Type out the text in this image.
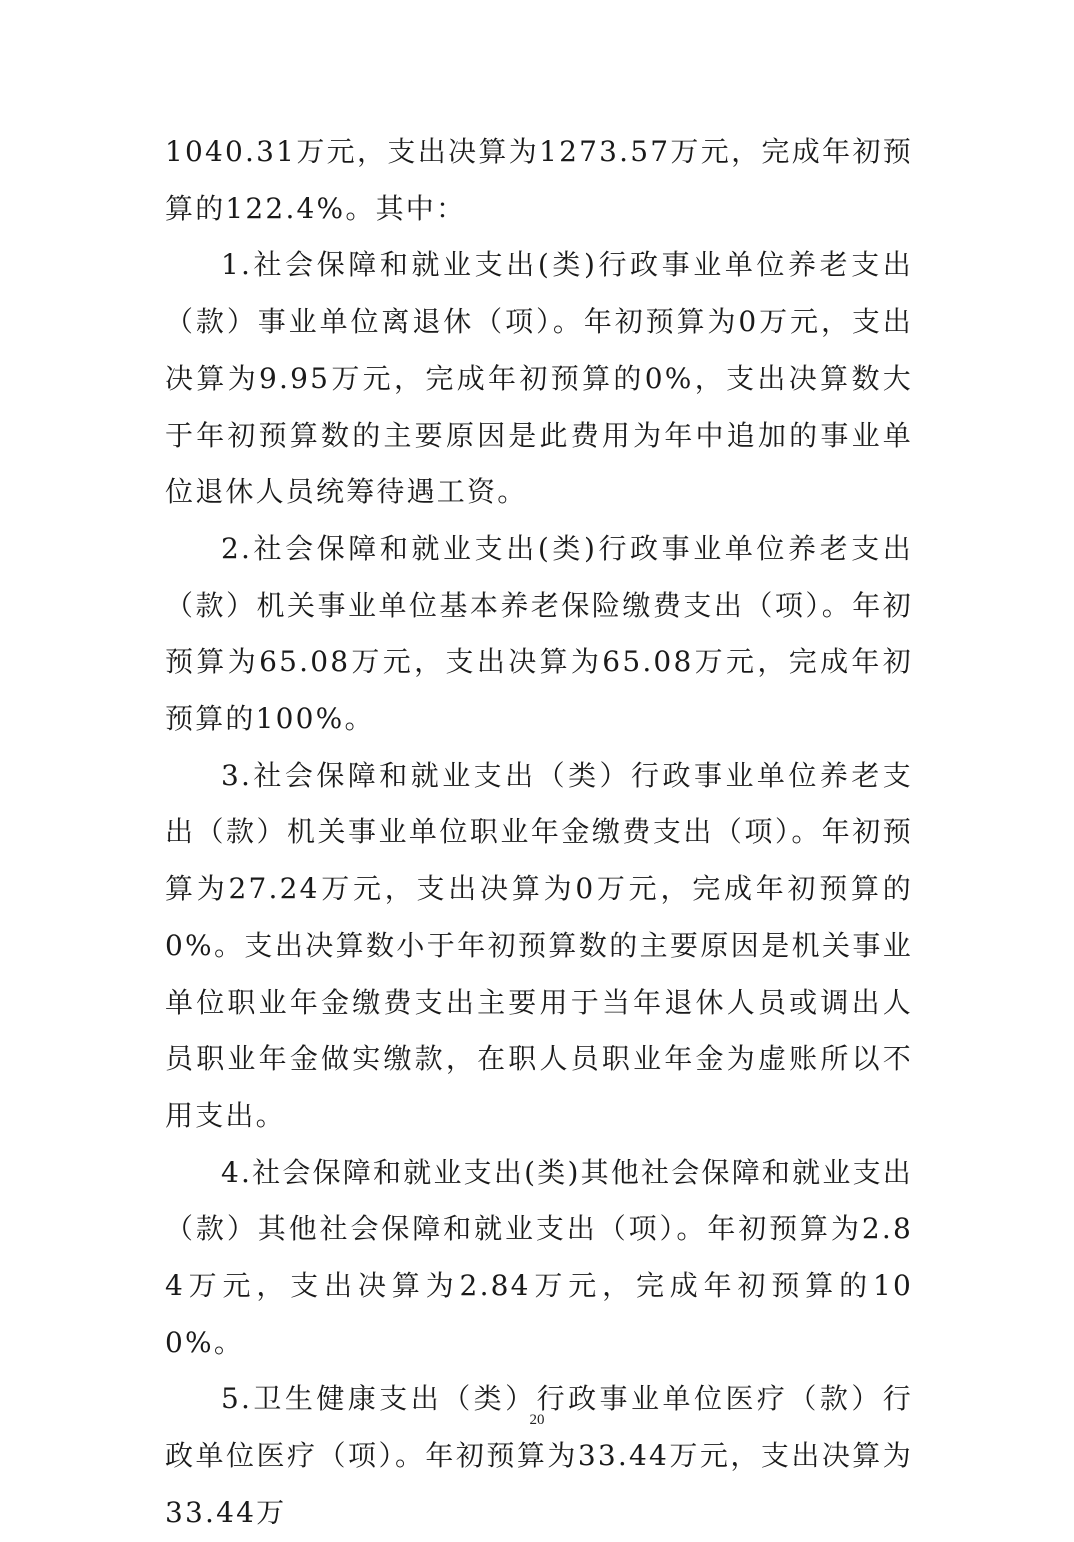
1040.31万元，支出决算为1273.57万元，完成年初预算的122.4%。其中：

1.社会保障和就业支出(类)行政事业单位养老支出（款）事业单位离退休（项）。年初预算为0万元，支出决算为9.95万元，完成年初预算的0%，支出决算数大于年初预算数的主要原因是此费用为年中追加的事业单位退休人员统筹待遇工资。

2.社会保障和就业支出(类)行政事业单位养老支出（款）机关事业单位基本养老保险缴费支出（项）。年初预算为65.08万元，支出决算为65.08万元，完成年初预算的100%。

3.社会保障和就业支出（类）行政事业单位养老支出（款）机关事业单位职业年金缴费支出（项）。年初预算为27.24万元，支出决算为0万元，完成年初预算的0%。支出决算数小于年初预算数的主要原因是机关事业单位职业年金缴费支出主要用于当年退休人员或调出人员职业年金做实缴款，在职人员职业年金为虚账所以不用支出。

4.社会保障和就业支出(类)其他社会保障和就业支出（款）其他社会保障和就业支出（项）。年初预算为2.84万元，支出决算为2.84万元，完成年初预算的100%。

5.卫生健康支出（类）行政事业单位医疗（款）行政单位医疗（项）。年初预算为33.44万元，支出决算为33.44万

20
